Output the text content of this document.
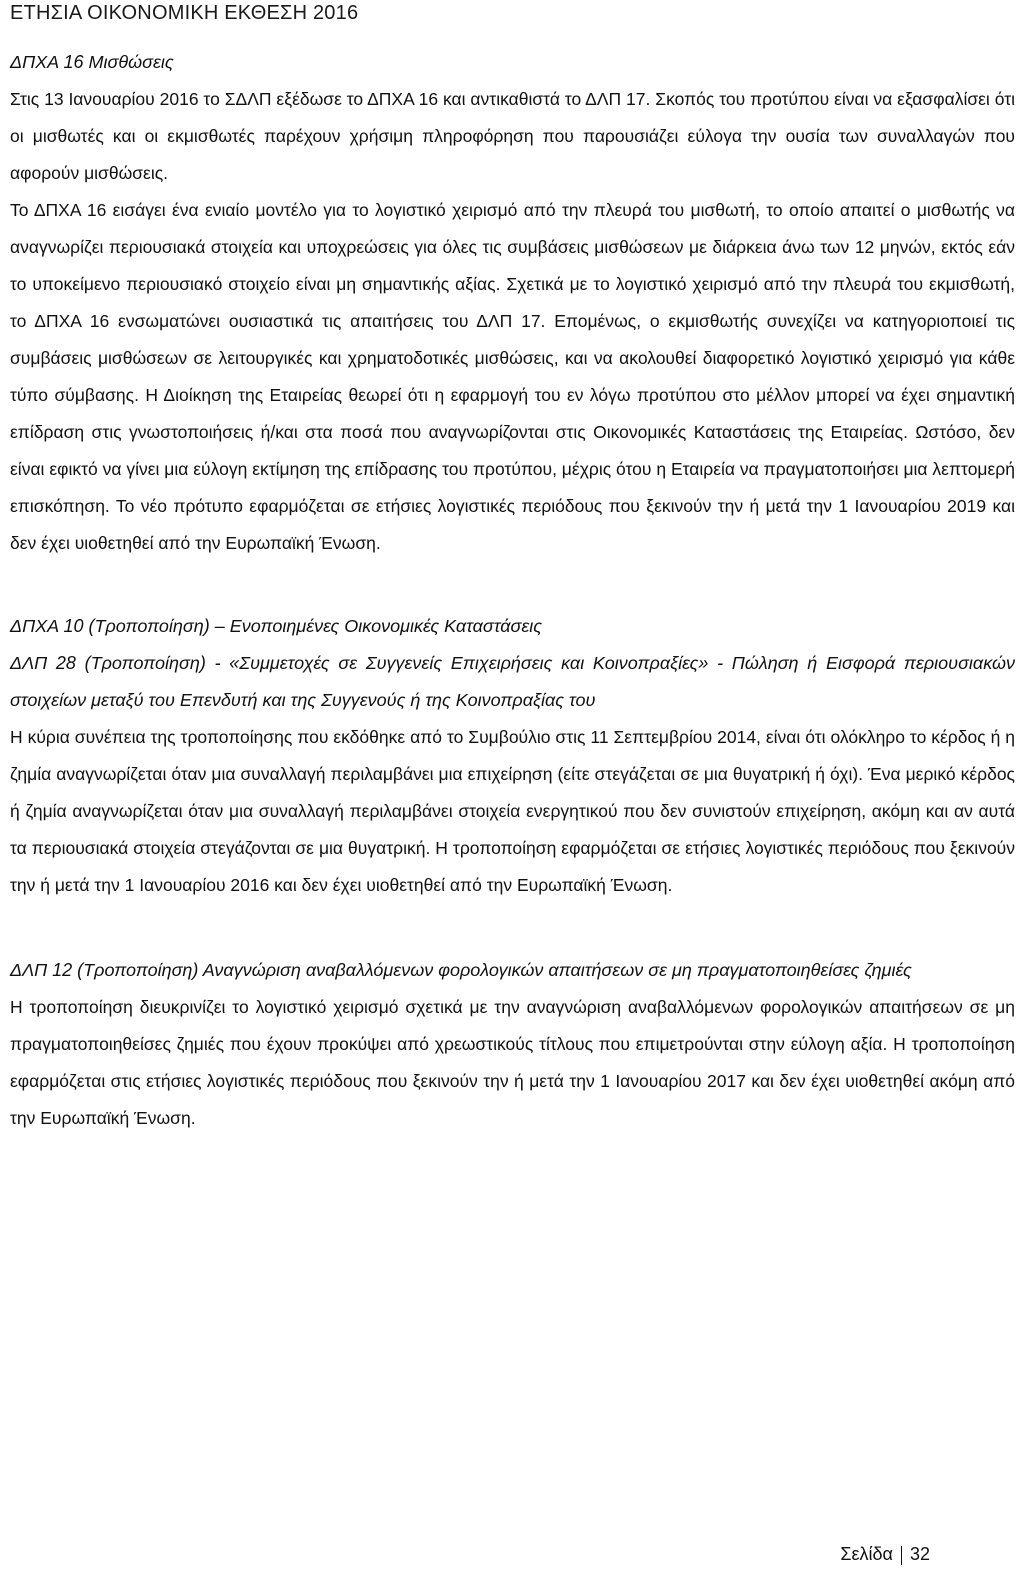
ΕΤΗΣΙΑ ΟΙΚΟΝΟΜΙΚΗ ΕΚΘΕΣΗ 2016

ΔΠΧΑ 16 Μισθώσεις

Στις 13 Ιανουαρίου 2016 το ΣΔΛΠ εξέδωσε το ΔΠΧΑ 16 και αντικαθιστά το ΔΛΠ 17. Σκοπός του προτύπου είναι να εξασφαλίσει ότι οι μισθωτές και οι εκμισθωτές παρέχουν χρήσιμη πληροφόρηση που παρουσιάζει εύλογα την ουσία των συναλλαγών που αφορούν μισθώσεις.

Το ΔΠΧΑ 16 εισάγει ένα ενιαίο μοντέλο για το λογιστικό χειρισμό από την πλευρά του μισθωτή, το οποίο απαιτεί ο μισθωτής να αναγνωρίζει περιουσιακά στοιχεία και υποχρεώσεις για όλες τις συμβάσεις μισθώσεων με διάρκεια άνω των 12 μηνών, εκτός εάν το υποκείμενο περιουσιακό στοιχείο είναι μη σημαντικής αξίας. Σχετικά με το λογιστικό χειρισμό από την πλευρά του εκμισθωτή, το ΔΠΧΑ 16 ενσωματώνει ουσιαστικά τις απαιτήσεις του ΔΛΠ 17. Επομένως, ο εκμισθωτής συνεχίζει να κατηγοριοποιεί τις συμβάσεις μισθώσεων σε λειτουργικές και χρηματοδοτικές μισθώσεις, και να ακολουθεί διαφορετικό λογιστικό χειρισμό για κάθε τύπο σύμβασης. Η Διοίκηση της Εταιρείας θεωρεί ότι η εφαρμογή του εν λόγω προτύπου στο μέλλον μπορεί να έχει σημαντική επίδραση στις γνωστοποιήσεις ή/και στα ποσά που αναγνωρίζονται στις Οικονομικές Καταστάσεις της Εταιρείας. Ωστόσο, δεν είναι εφικτό να γίνει μια εύλογη εκτίμηση της επίδρασης του προτύπου, μέχρις ότου η Εταιρεία να πραγματοποιήσει μια λεπτομερή επισκόπηση. Το νέο πρότυπο εφαρμόζεται σε ετήσιες λογιστικές περιόδους που ξεκινούν την ή μετά την 1 Ιανουαρίου 2019 και δεν έχει υιοθετηθεί από την Ευρωπαϊκή Ένωση.

ΔΠΧΑ 10 (Τροποποίηση) – Ενοποιημένες Οικονομικές Καταστάσεις

ΔΛΠ 28 (Τροποποίηση) - «Συμμετοχές σε Συγγενείς Επιχειρήσεις και Κοινοπραξίες» - Πώληση ή Εισφορά περιουσιακών στοιχείων μεταξύ του Επενδυτή και της Συγγενούς ή της Κοινοπραξίας του

Η κύρια συνέπεια της τροποποίησης που εκδόθηκε από το Συμβούλιο στις 11 Σεπτεμβρίου 2014, είναι ότι ολόκληρο το κέρδος ή η ζημία αναγνωρίζεται όταν μια συναλλαγή περιλαμβάνει μια επιχείρηση (είτε στεγάζεται σε μια θυγατρική ή όχι). Ένα μερικό κέρδος ή ζημία αναγνωρίζεται όταν μια συναλλαγή περιλαμβάνει στοιχεία ενεργητικού που δεν συνιστούν επιχείρηση, ακόμη και αν αυτά τα περιουσιακά στοιχεία στεγάζονται σε μια θυγατρική. Η τροποποίηση εφαρμόζεται σε ετήσιες λογιστικές περιόδους που ξεκινούν την ή μετά την 1 Ιανουαρίου 2016 και δεν έχει υιοθετηθεί από την Ευρωπαϊκή Ένωση.

ΔΛΠ 12 (Τροποποίηση) Αναγνώριση αναβαλλόμενων φορολογικών απαιτήσεων σε μη πραγματοποιηθείσες ζημιές

Η τροποποίηση διευκρινίζει το λογιστικό χειρισμό σχετικά με την αναγνώριση αναβαλλόμενων φορολογικών απαιτήσεων σε μη πραγματοποιηθείσες ζημιές που έχουν προκύψει από χρεωστικούς τίτλους που επιμετρούνται στην εύλογη αξία. Η τροποποίηση εφαρμόζεται στις ετήσιες λογιστικές περιόδους που ξεκινούν την ή μετά την 1 Ιανουαρίου 2017 και δεν έχει υιοθετηθεί ακόμη από την Ευρωπαϊκή Ένωση.

Σελίδα 32
